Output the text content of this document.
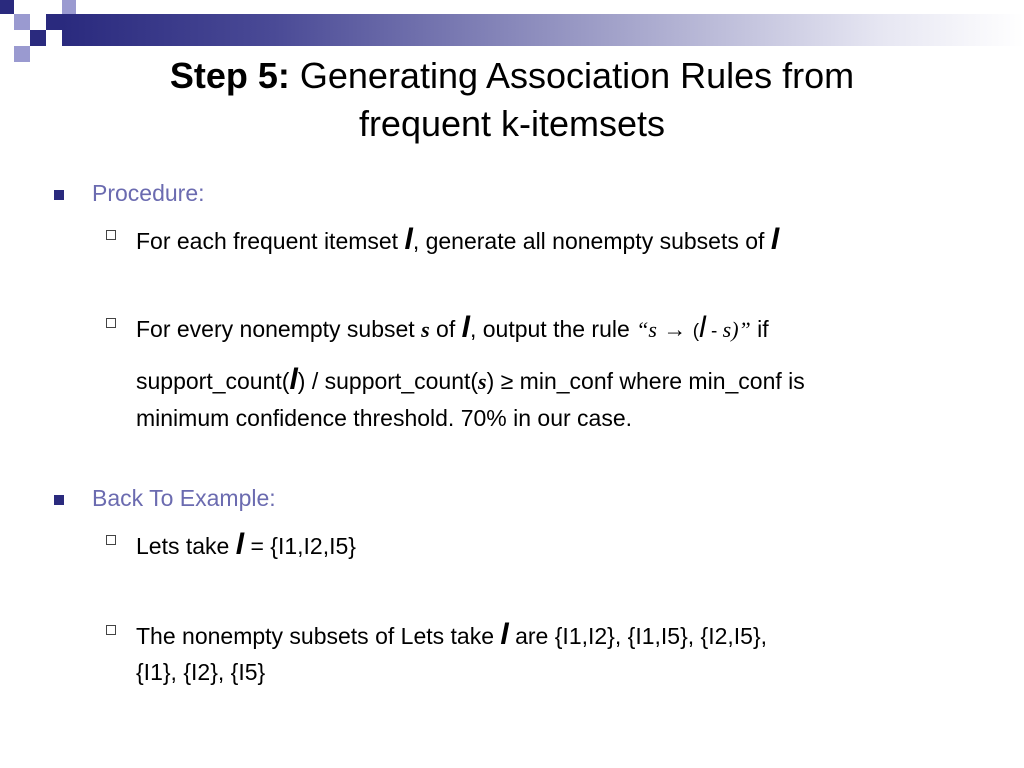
Step 5: Generating Association Rules from
frequent k-itemsets
Procedure:
For each frequent itemset l, generate all nonempty subsets of l
For every nonempty subset s of l, output the rule “s → (l - s)” if
support_count(l) / support_count(s) ≥ min_conf where min_conf is
minimum confidence threshold. 70% in our case.
Back To Example:
Lets take l = {I1,I2,I5}
The nonempty subsets of Lets take l are {I1,I2}, {I1,I5}, {I2,I5},
{I1}, {I2}, {I5}
